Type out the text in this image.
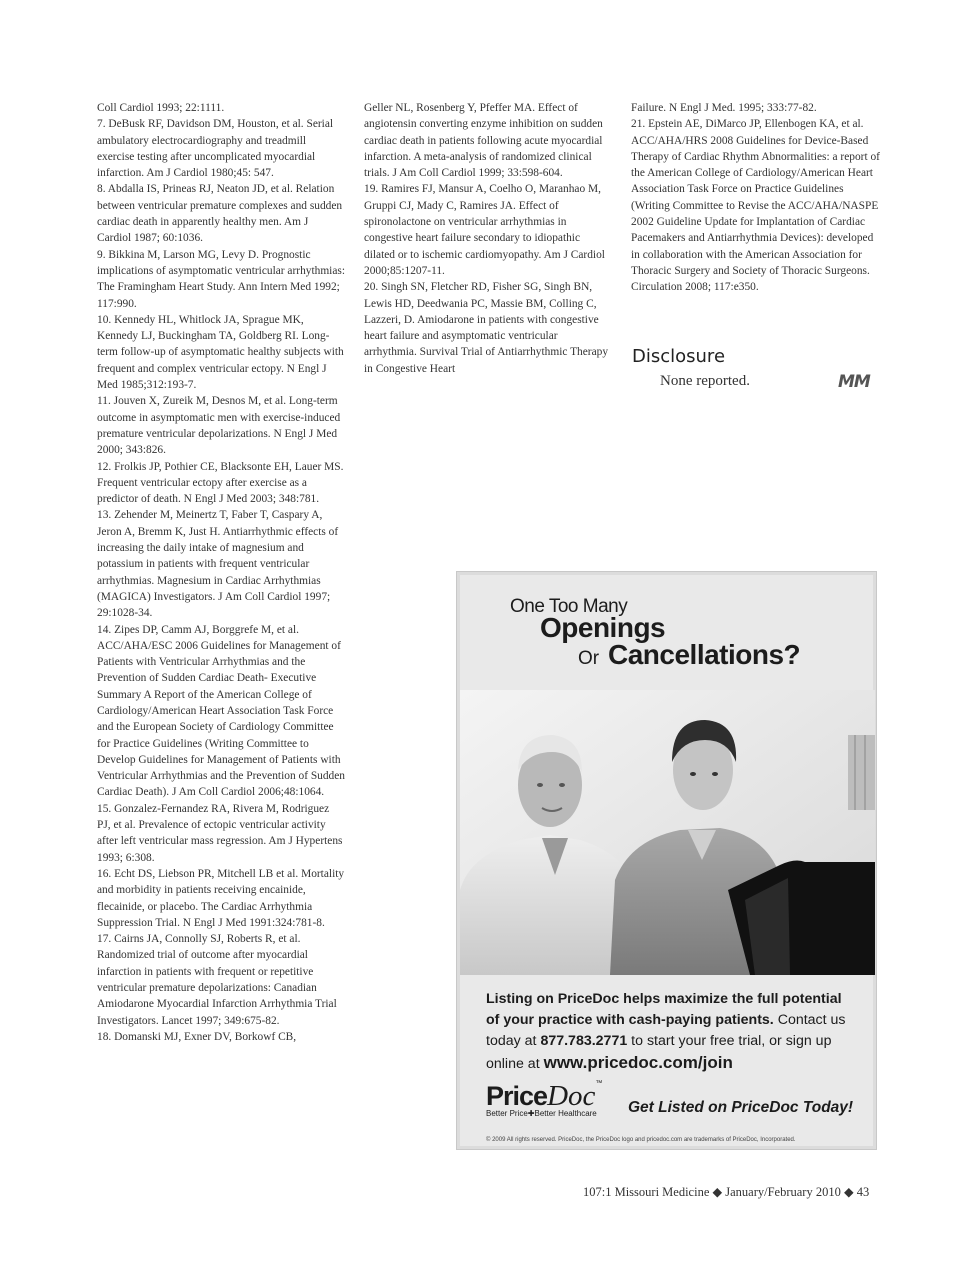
Coll Cardiol 1993; 22:1111.

7. DeBusk RF, Davidson DM, Houston, et al. Serial ambulatory electrocardiography and treadmill exercise testing after uncomplicated myocardial infarction. Am J Cardiol 1980;45: 547.

8. Abdalla IS, Prineas RJ, Neaton JD, et al. Relation between ventricular premature complexes and sudden cardiac death in apparently healthy men. Am J Cardiol 1987; 60:1036.

9. Bikkina M, Larson MG, Levy D. Prognostic implications of asymptomatic ventricular arrhythmias: The Framingham Heart Study. Ann Intern Med 1992; 117:990.

10. Kennedy HL, Whitlock JA, Sprague MK, Kennedy LJ, Buckingham TA, Goldberg RI. Long-term follow-up of asymptomatic healthy subjects with frequent and complex ventricular ectopy. N Engl J Med 1985;312:193-7.

11. Jouven X, Zureik M, Desnos M, et al. Long-term outcome in asymptomatic men with exercise-induced premature ventricular depolarizations. N Engl J Med 2000; 343:826.

12. Frolkis JP, Pothier CE, Blacksonte EH, Lauer MS. Frequent ventricular ectopy after exercise as a predictor of death. N Engl J Med 2003; 348:781.

13. Zehender M, Meinertz T, Faber T, Caspary A, Jeron A, Bremm K, Just H. Antiarrhythmic effects of increasing the daily intake of magnesium and potassium in patients with frequent ventricular arrhythmias. Magnesium in Cardiac Arrhythmias (MAGICA) Investigators. J Am Coll Cardiol 1997; 29:1028-34.

14. Zipes DP, Camm AJ, Borggrefe M, et al. ACC/AHA/ESC 2006 Guidelines for Management of Patients with Ventricular Arrhythmias and the Prevention of Sudden Cardiac Death- Executive Summary A Report of the American College of Cardiology/American Heart Association Task Force and the European Society of Cardiology Committee for Practice Guidelines (Writing Committee to Develop Guidelines for Management of Patients with Ventricular Arrhythmias and the Prevention of Sudden Cardiac Death). J Am Coll Cardiol 2006;48:1064.

15. Gonzalez-Fernandez RA, Rivera M, Rodriguez PJ, et al. Prevalence of ectopic ventricular activity after left ventricular mass regression. Am J Hypertens 1993; 6:308.

16. Echt DS, Liebson PR, Mitchell LB et al. Mortality and morbidity in patients receiving encainide, flecainide, or placebo. The Cardiac Arrhythmia Suppression Trial. N Engl J Med 1991:324:781-8.

17. Cairns JA, Connolly SJ, Roberts R, et al. Randomized trial of outcome after myocardial infarction in patients with frequent or repetitive ventricular premature depolarizations: Canadian Amiodarone Myocardial Infarction Arrhythmia Trial Investigators. Lancet 1997; 349:675-82.

18. Domanski MJ, Exner DV, Borkowf CB,

Geller NL, Rosenberg Y, Pfeffer MA. Effect of angiotensin converting enzyme inhibition on sudden cardiac death in patients following acute myocardial infarction. A meta-analysis of randomized clinical trials. J Am Coll Cardiol 1999; 33:598-604.

19. Ramires FJ, Mansur A, Coelho O, Maranhao M, Gruppi CJ, Mady C, Ramires JA. Effect of spironolactone on ventricular arrhythmias in congestive heart failure secondary to idiopathic dilated or to ischemic cardiomyopathy. Am J Cardiol 2000;85:1207-11.

20. Singh SN, Fletcher RD, Fisher SG, Singh BN, Lewis HD, Deedwania PC, Massie BM, Colling C, Lazzeri, D. Amiodarone in patients with congestive heart failure and asymptomatic ventricular arrhythmia. Survival Trial of Antiarrhythmic Therapy in Congestive Heart

Failure. N Engl J Med. 1995; 333:77-82.

21. Epstein AE, DiMarco JP, Ellenbogen KA, et al. ACC/AHA/HRS 2008 Guidelines for Device-Based Therapy of Cardiac Rhythm Abnormalities: a report of the American College of Cardiology/American Heart Association Task Force on Practice Guidelines (Writing Committee to Revise the ACC/AHA/NASPE 2002 Guideline Update for Implantation of Cardiac Pacemakers and Antiarrhythmia Devices): developed in collaboration with the American Association for Thoracic Surgery and Society of Thoracic Surgeons. Circulation 2008; 117:e350.

Disclosure
None reported.	MM
One Too Many
Openings
Or Cancellations?
Listing on PriceDoc helps maximize the full potential of your practice with cash-paying patients. Contact us today at 877.783.2771 to start your free trial, or sign up online at www.pricedoc.com/join
PriceDoc™
Better Price✚Better Healthcare	Get Listed on PriceDoc Today!
© 2009 All rights reserved. PriceDoc, the PriceDoc logo and pricedoc.com are trademarks of PriceDoc, Incorporated.
107:1 Missouri Medicine ◆ January/February 2010 ◆ 43
